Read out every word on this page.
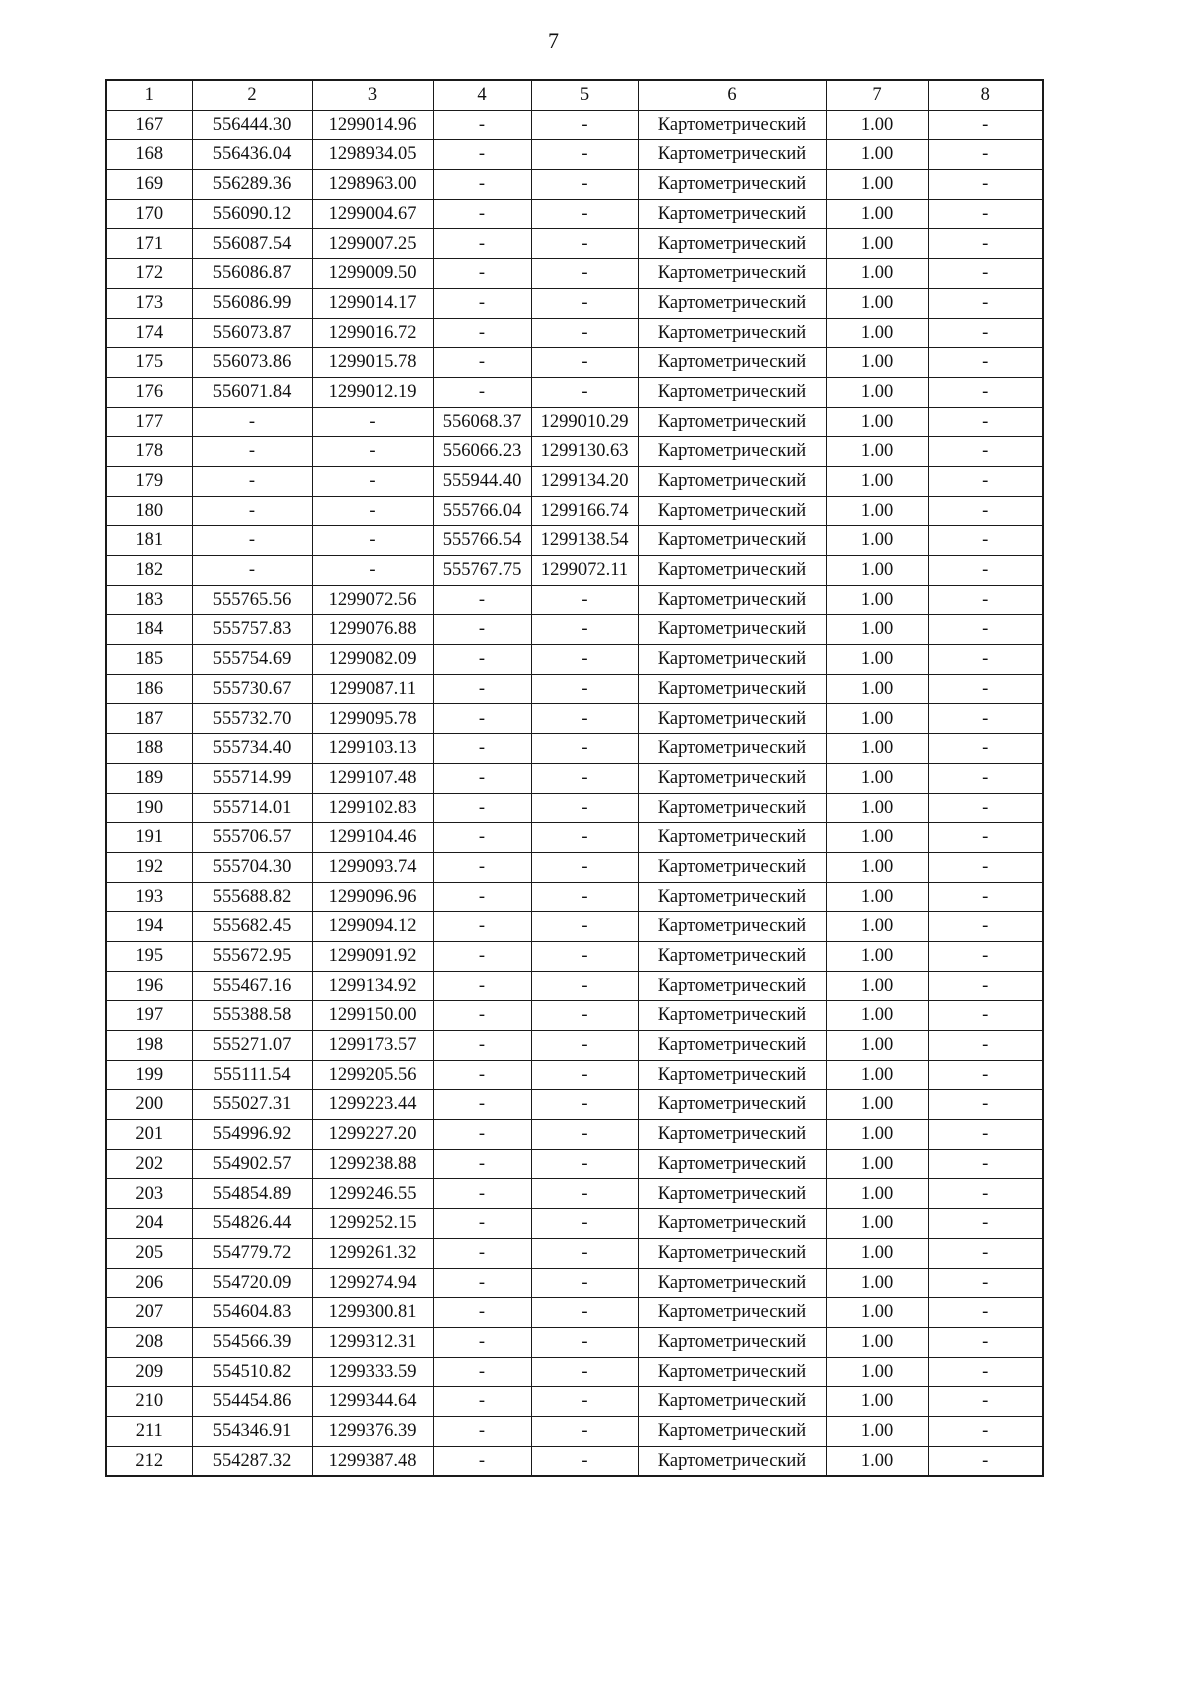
7
1	2	3	4	5	6	7	8
167	556444.30	1299014.96	-	-	Картометрический	1.00	-
168	556436.04	1298934.05	-	-	Картометрический	1.00	-
169	556289.36	1298963.00	-	-	Картометрический	1.00	-
170	556090.12	1299004.67	-	-	Картометрический	1.00	-
171	556087.54	1299007.25	-	-	Картометрический	1.00	-
172	556086.87	1299009.50	-	-	Картометрический	1.00	-
173	556086.99	1299014.17	-	-	Картометрический	1.00	-
174	556073.87	1299016.72	-	-	Картометрический	1.00	-
175	556073.86	1299015.78	-	-	Картометрический	1.00	-
176	556071.84	1299012.19	-	-	Картометрический	1.00	-
177	-	-	556068.37	1299010.29	Картометрический	1.00	-
178	-	-	556066.23	1299130.63	Картометрический	1.00	-
179	-	-	555944.40	1299134.20	Картометрический	1.00	-
180	-	-	555766.04	1299166.74	Картометрический	1.00	-
181	-	-	555766.54	1299138.54	Картометрический	1.00	-
182	-	-	555767.75	1299072.11	Картометрический	1.00	-
183	555765.56	1299072.56	-	-	Картометрический	1.00	-
184	555757.83	1299076.88	-	-	Картометрический	1.00	-
185	555754.69	1299082.09	-	-	Картометрический	1.00	-
186	555730.67	1299087.11	-	-	Картометрический	1.00	-
187	555732.70	1299095.78	-	-	Картометрический	1.00	-
188	555734.40	1299103.13	-	-	Картометрический	1.00	-
189	555714.99	1299107.48	-	-	Картометрический	1.00	-
190	555714.01	1299102.83	-	-	Картометрический	1.00	-
191	555706.57	1299104.46	-	-	Картометрический	1.00	-
192	555704.30	1299093.74	-	-	Картометрический	1.00	-
193	555688.82	1299096.96	-	-	Картометрический	1.00	-
194	555682.45	1299094.12	-	-	Картометрический	1.00	-
195	555672.95	1299091.92	-	-	Картометрический	1.00	-
196	555467.16	1299134.92	-	-	Картометрический	1.00	-
197	555388.58	1299150.00	-	-	Картометрический	1.00	-
198	555271.07	1299173.57	-	-	Картометрический	1.00	-
199	555111.54	1299205.56	-	-	Картометрический	1.00	-
200	555027.31	1299223.44	-	-	Картометрический	1.00	-
201	554996.92	1299227.20	-	-	Картометрический	1.00	-
202	554902.57	1299238.88	-	-	Картометрический	1.00	-
203	554854.89	1299246.55	-	-	Картометрический	1.00	-
204	554826.44	1299252.15	-	-	Картометрический	1.00	-
205	554779.72	1299261.32	-	-	Картометрический	1.00	-
206	554720.09	1299274.94	-	-	Картометрический	1.00	-
207	554604.83	1299300.81	-	-	Картометрический	1.00	-
208	554566.39	1299312.31	-	-	Картометрический	1.00	-
209	554510.82	1299333.59	-	-	Картометрический	1.00	-
210	554454.86	1299344.64	-	-	Картометрический	1.00	-
211	554346.91	1299376.39	-	-	Картометрический	1.00	-
212	554287.32	1299387.48	-	-	Картометрический	1.00	-
